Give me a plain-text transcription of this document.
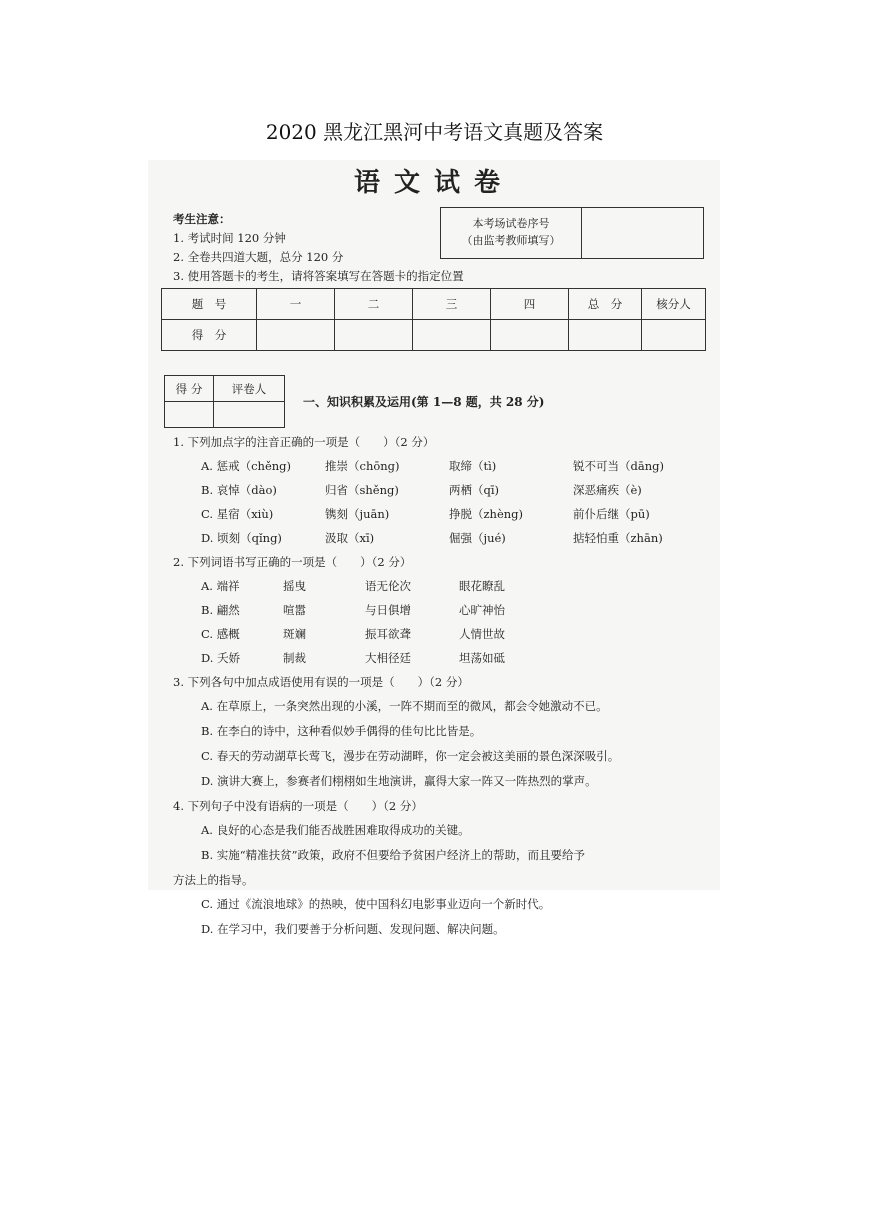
2020 黑龙江黑河中考语文真题及答案
语文试卷
考生注意：
1. 考试时间 120 分钟
2. 全卷共四道大题，总分 120 分
3. 使用答题卡的考生，请将答案填写在答题卡的指定位置
本考场试卷序号
（由监考教师填写）
题　号	一	二	三	四	总　分	核分人
得　分						
得 分	评卷人

一、知识积累及运用(第 1—8 题，共 28 分)
1. 下列加点字的注音正确的一项是（　　）（2 分）
A. 惩戒（chěng)	推崇（chōng)	取缔（tì)	锐不可当（dāng)
B. 哀悼（dào)	归省（shěng)	两栖（qī)	深恶痛疾（è)
C. 星宿（xiù)	镌刻（juān)	挣脱（zhèng)	前仆后继（pū)
D. 顷刻（qǐng)	汲取（xī)	倔强（jué)	掂轻怕重（zhān)
2. 下列词语书写正确的一项是（　　）（2 分）
A. 端祥	摇曳	语无伦次	眼花瞭乱
B. 翩然	喧嚣	与日俱增	心旷神怡
C. 感概	斑斓	振耳欲聋	人情世故
D. 夭娇	制裁	大相径廷	坦荡如砥
3. 下列各句中加点成语使用有误的一项是（　　）（2 分）
A. 在草原上，一条突然出现的小溪，一阵不期而至的微风，都会令她激动不已。
B. 在李白的诗中，这种看似妙手偶得的佳句比比皆是。
C. 春天的劳动湖草长莺飞，漫步在劳动湖畔，你一定会被这美丽的景色深深吸引。
D. 演讲大赛上，参赛者们栩栩如生地演讲，赢得大家一阵又一阵热烈的掌声。
4. 下列句子中没有语病的一项是（　　）（2 分）
A. 良好的心态是我们能否战胜困难取得成功的关键。
B. 实施“精准扶贫”政策，政府不但要给予贫困户经济上的帮助，而且要给予
方法上的指导。
C. 通过《流浪地球》的热映，使中国科幻电影事业迈向一个新时代。
D. 在学习中，我们要善于分析问题、发现问题、解决问题。
